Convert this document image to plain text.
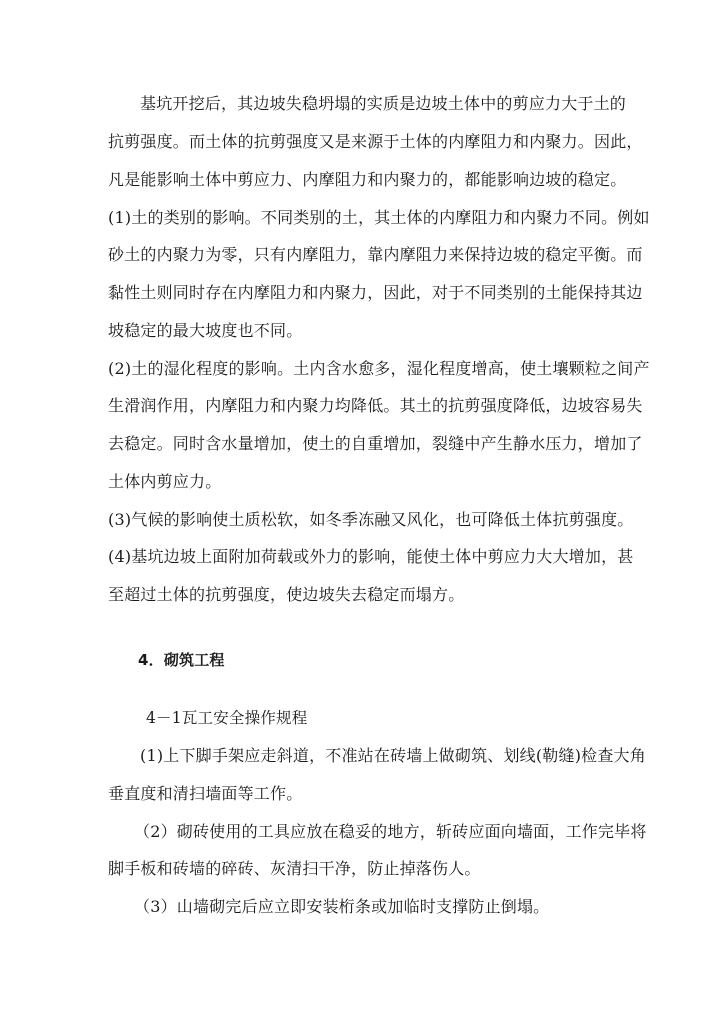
基坑开挖后，其边坡失稳坍塌的实质是边坡土体中的剪应力大于土的
抗剪强度。而土体的抗剪强度又是来源于土体的内摩阻力和内聚力。因此，
凡是能影响土体中剪应力、内摩阻力和内聚力的，都能影响边坡的稳定。
(1)土的类别的影响。不同类别的土，其土体的内摩阻力和内聚力不同。例如
砂土的内聚力为零，只有内摩阻力，靠内摩阻力来保持边坡的稳定平衡。而
黏性土则同时存在内摩阻力和内聚力，因此，对于不同类别的土能保持其边
坡稳定的最大坡度也不同。
(2)土的湿化程度的影响。土内含水愈多，湿化程度增高，使土壤颗粒之间产
生滑润作用，内摩阻力和内聚力均降低。其土的抗剪强度降低，边坡容易失
去稳定。同时含水量增加，使土的自重增加，裂缝中产生静水压力，增加了
土体内剪应力。
(3)气候的影响使土质松软，如冬季冻融又风化，也可降低土体抗剪强度。
(4)基坑边坡上面附加荷载或外力的影响，能使土体中剪应力大大增加，甚
至超过土体的抗剪强度，使边坡失去稳定而塌方。
4．砌筑工程
4－1瓦工安全操作规程
(1)上下脚手架应走斜道，不准站在砖墙上做砌筑、划线(勒缝)检查大角
垂直度和清扫墙面等工作。
（2）砌砖使用的工具应放在稳妥的地方，斩砖应面向墙面，工作完毕将
脚手板和砖墙的碎砖、灰清扫干净，防止掉落伤人。
（3）山墙砌完后应立即安装桁条或加临时支撑防止倒塌。
